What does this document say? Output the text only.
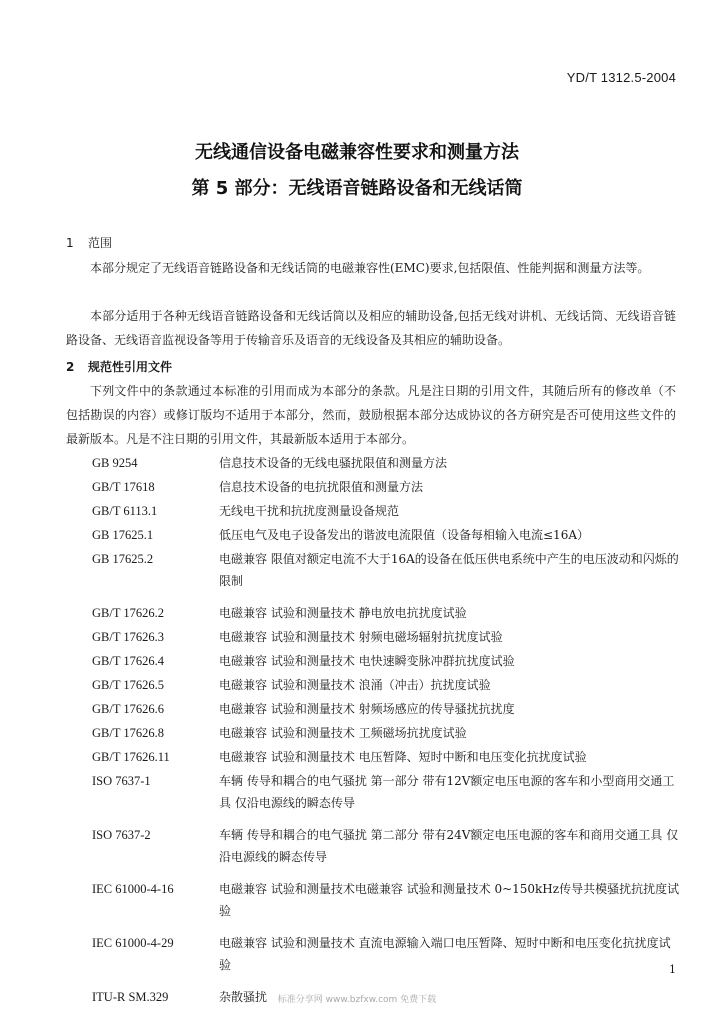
YD/T 1312.5-2004
无线通信设备电磁兼容性要求和测量方法
第 5 部分：无线语音链路设备和无线话筒
1 范围

本部分规定了无线语音链路设备和无线话筒的电磁兼容性(EMC)要求,包括限值、性能判据和测量方法等。

本部分适用于各种无线语音链路设备和无线话筒以及相应的辅助设备,包括无线对讲机、无线话筒、无线语音链路设备、无线语音监视设备等用于传输音乐及语音的无线设备及其相应的辅助设备。

2 规范性引用文件

下列文件中的条款通过本标准的引用而成为本部分的条款。凡是注日期的引用文件，其随后所有的修改单（不包括勘误的内容）或修订版均不适用于本部分，然而，鼓励根据本部分达成协议的各方研究是否可使用这些文件的最新版本。凡是不注日期的引用文件，其最新版本适用于本部分。

GB 9254	信息技术设备的无线电骚扰限值和测量方法
GB/T 17618	信息技术设备的电抗扰限值和测量方法
GB/T 6113.1	无线电干扰和抗扰度测量设备规范
GB 17625.1	低压电气及电子设备发出的谐波电流限值（设备每相输入电流≤16A）
GB 17625.2	电磁兼容 限值对额定电流不大于16A的设备在低压供电系统中产生的电压波动和闪烁的限制
GB/T 17626.2	电磁兼容 试验和测量技术 静电放电抗扰度试验
GB/T 17626.3	电磁兼容 试验和测量技术 射频电磁场辐射抗扰度试验
GB/T 17626.4	电磁兼容 试验和测量技术 电快速瞬变脉冲群抗扰度试验
GB/T 17626.5	电磁兼容 试验和测量技术 浪涌（冲击）抗扰度试验
GB/T 17626.6	电磁兼容 试验和测量技术 射频场感应的传导骚扰抗扰度
GB/T 17626.8	电磁兼容 试验和测量技术 工频磁场抗扰度试验
GB/T 17626.11	电磁兼容 试验和测量技术 电压暂降、短时中断和电压变化抗扰度试验
ISO 7637-1	车辆 传导和耦合的电气骚扰 第一部分 带有12V额定电压电源的客车和小型商用交通工具 仅沿电源线的瞬态传导
ISO 7637-2	车辆 传导和耦合的电气骚扰 第二部分 带有24V额定电压电源的客车和商用交通工具 仅沿电源线的瞬态传导
IEC 61000-4-16	电磁兼容 试验和测量技术电磁兼容 试验和测量技术 0~150kHz传导共模骚扰抗扰度试验
IEC 61000-4-29	电磁兼容 试验和测量技术 直流电源输入端口电压暂降、短时中断和电压变化抗扰度试验
ITU-R SM.329	杂散骚扰
1
标准分享网 www.bzfxw.com 免费下载
